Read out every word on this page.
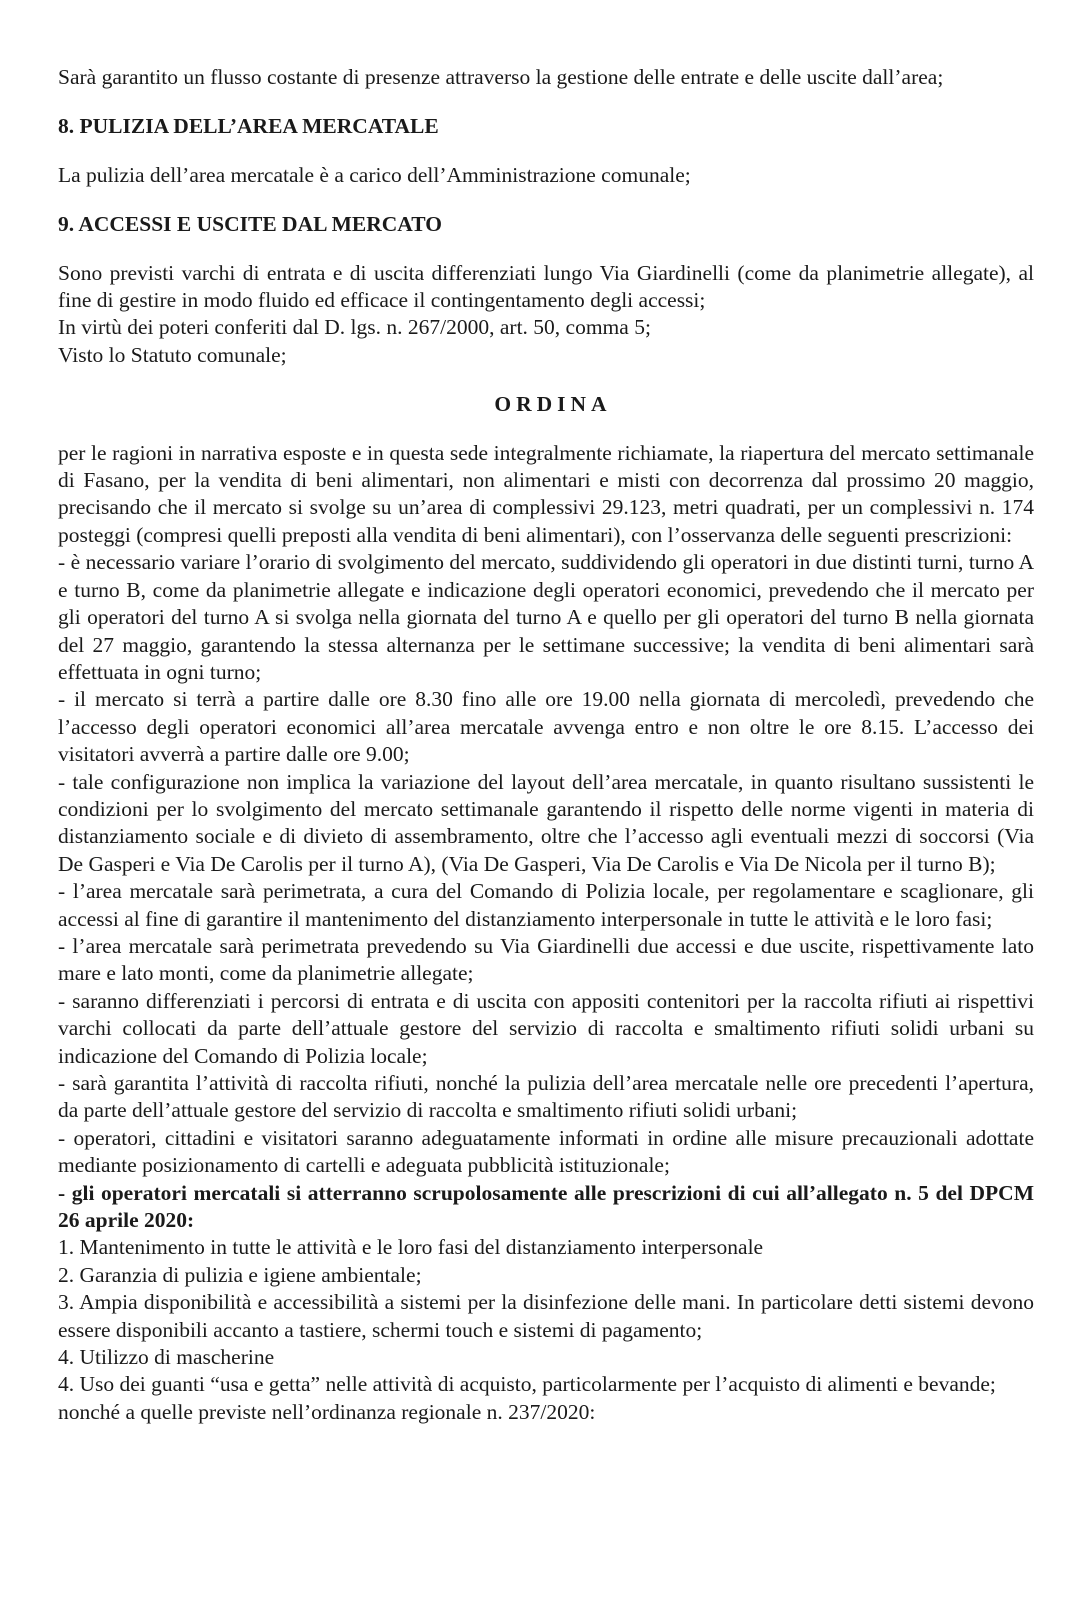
Sarà garantito un flusso costante di presenze attraverso la gestione delle entrate e delle uscite dall’area;

8. PULIZIA DELL’AREA MERCATALE

La pulizia dell’area mercatale è a carico dell’Amministrazione comunale;

9. ACCESSI E USCITE DAL MERCATO

Sono previsti varchi di entrata e di uscita differenziati lungo Via Giardinelli (come da planimetrie allegate), al fine di gestire in modo fluido ed efficace il contingentamento degli accessi;

In virtù dei poteri conferiti dal D. lgs. n. 267/2000, art. 50, comma 5;

Visto lo Statuto comunale;

ORDINA

per le ragioni in narrativa esposte e in questa sede integralmente richiamate, la riapertura del mercato settimanale di Fasano, per la vendita di beni alimentari, non alimentari e misti con decorrenza dal prossimo 20 maggio, precisando che il mercato si svolge su un’area di complessivi 29.123, metri quadrati, per un complessivi n. 174 posteggi (compresi quelli preposti alla vendita di beni alimentari), con l’osservanza delle seguenti prescrizioni:

- è necessario variare l’orario di svolgimento del mercato, suddividendo gli operatori in due distinti turni, turno A e turno B, come da planimetrie allegate e indicazione degli operatori economici, prevedendo che il mercato per gli operatori del turno A si svolga nella giornata del turno A e quello per gli operatori del turno B nella giornata del 27 maggio, garantendo la stessa alternanza per le settimane successive; la vendita di beni alimentari sarà effettuata in ogni turno;

- il mercato si terrà a partire dalle ore 8.30 fino alle ore 19.00 nella giornata di mercoledì, prevedendo che l’accesso degli operatori economici all’area mercatale avvenga entro e non oltre le ore 8.15. L’accesso dei visitatori avverrà a partire dalle ore 9.00;

- tale configurazione non implica la variazione del layout dell’area mercatale, in quanto risultano sussistenti le condizioni per lo svolgimento del mercato settimanale garantendo il rispetto delle norme vigenti in materia di distanziamento sociale e di divieto di assembramento, oltre che l’accesso agli eventuali mezzi di soccorsi (Via De Gasperi e Via De Carolis per il turno A), (Via De Gasperi, Via De Carolis e Via De Nicola per il turno B);

- l’area mercatale sarà perimetrata, a cura del Comando di Polizia locale, per regolamentare e scaglionare, gli accessi al fine di garantire il mantenimento del distanziamento interpersonale in tutte le attività e le loro fasi;

- l’area mercatale sarà perimetrata prevedendo su Via Giardinelli due accessi e due uscite, rispettivamente lato mare e lato monti, come da planimetrie allegate;

- saranno differenziati i percorsi di entrata e di uscita con appositi contenitori per la raccolta rifiuti ai rispettivi varchi collocati da parte dell’attuale gestore del servizio di raccolta e smaltimento rifiuti solidi urbani su indicazione del Comando di Polizia locale;

- sarà garantita l’attività di raccolta rifiuti, nonché la pulizia dell’area mercatale nelle ore precedenti l’apertura, da parte dell’attuale gestore del servizio di raccolta e smaltimento rifiuti solidi urbani;

- operatori, cittadini e visitatori saranno adeguatamente informati in ordine alle misure precauzionali adottate mediante posizionamento di cartelli e adeguata pubblicità istituzionale;

- gli operatori mercatali si atterranno scrupolosamente alle prescrizioni di cui all’allegato n. 5 del DPCM 26 aprile 2020:

1. Mantenimento in tutte le attività e le loro fasi del distanziamento interpersonale

2. Garanzia di pulizia e igiene ambientale;

3. Ampia disponibilità e accessibilità a sistemi per la disinfezione delle mani. In particolare detti sistemi devono essere disponibili accanto a tastiere, schermi touch e sistemi di pagamento;

4. Utilizzo di mascherine

4. Uso dei guanti “usa e getta” nelle attività di acquisto, particolarmente per l’acquisto di alimenti e bevande;

nonché a quelle previste nell’ordinanza regionale n. 237/2020:
